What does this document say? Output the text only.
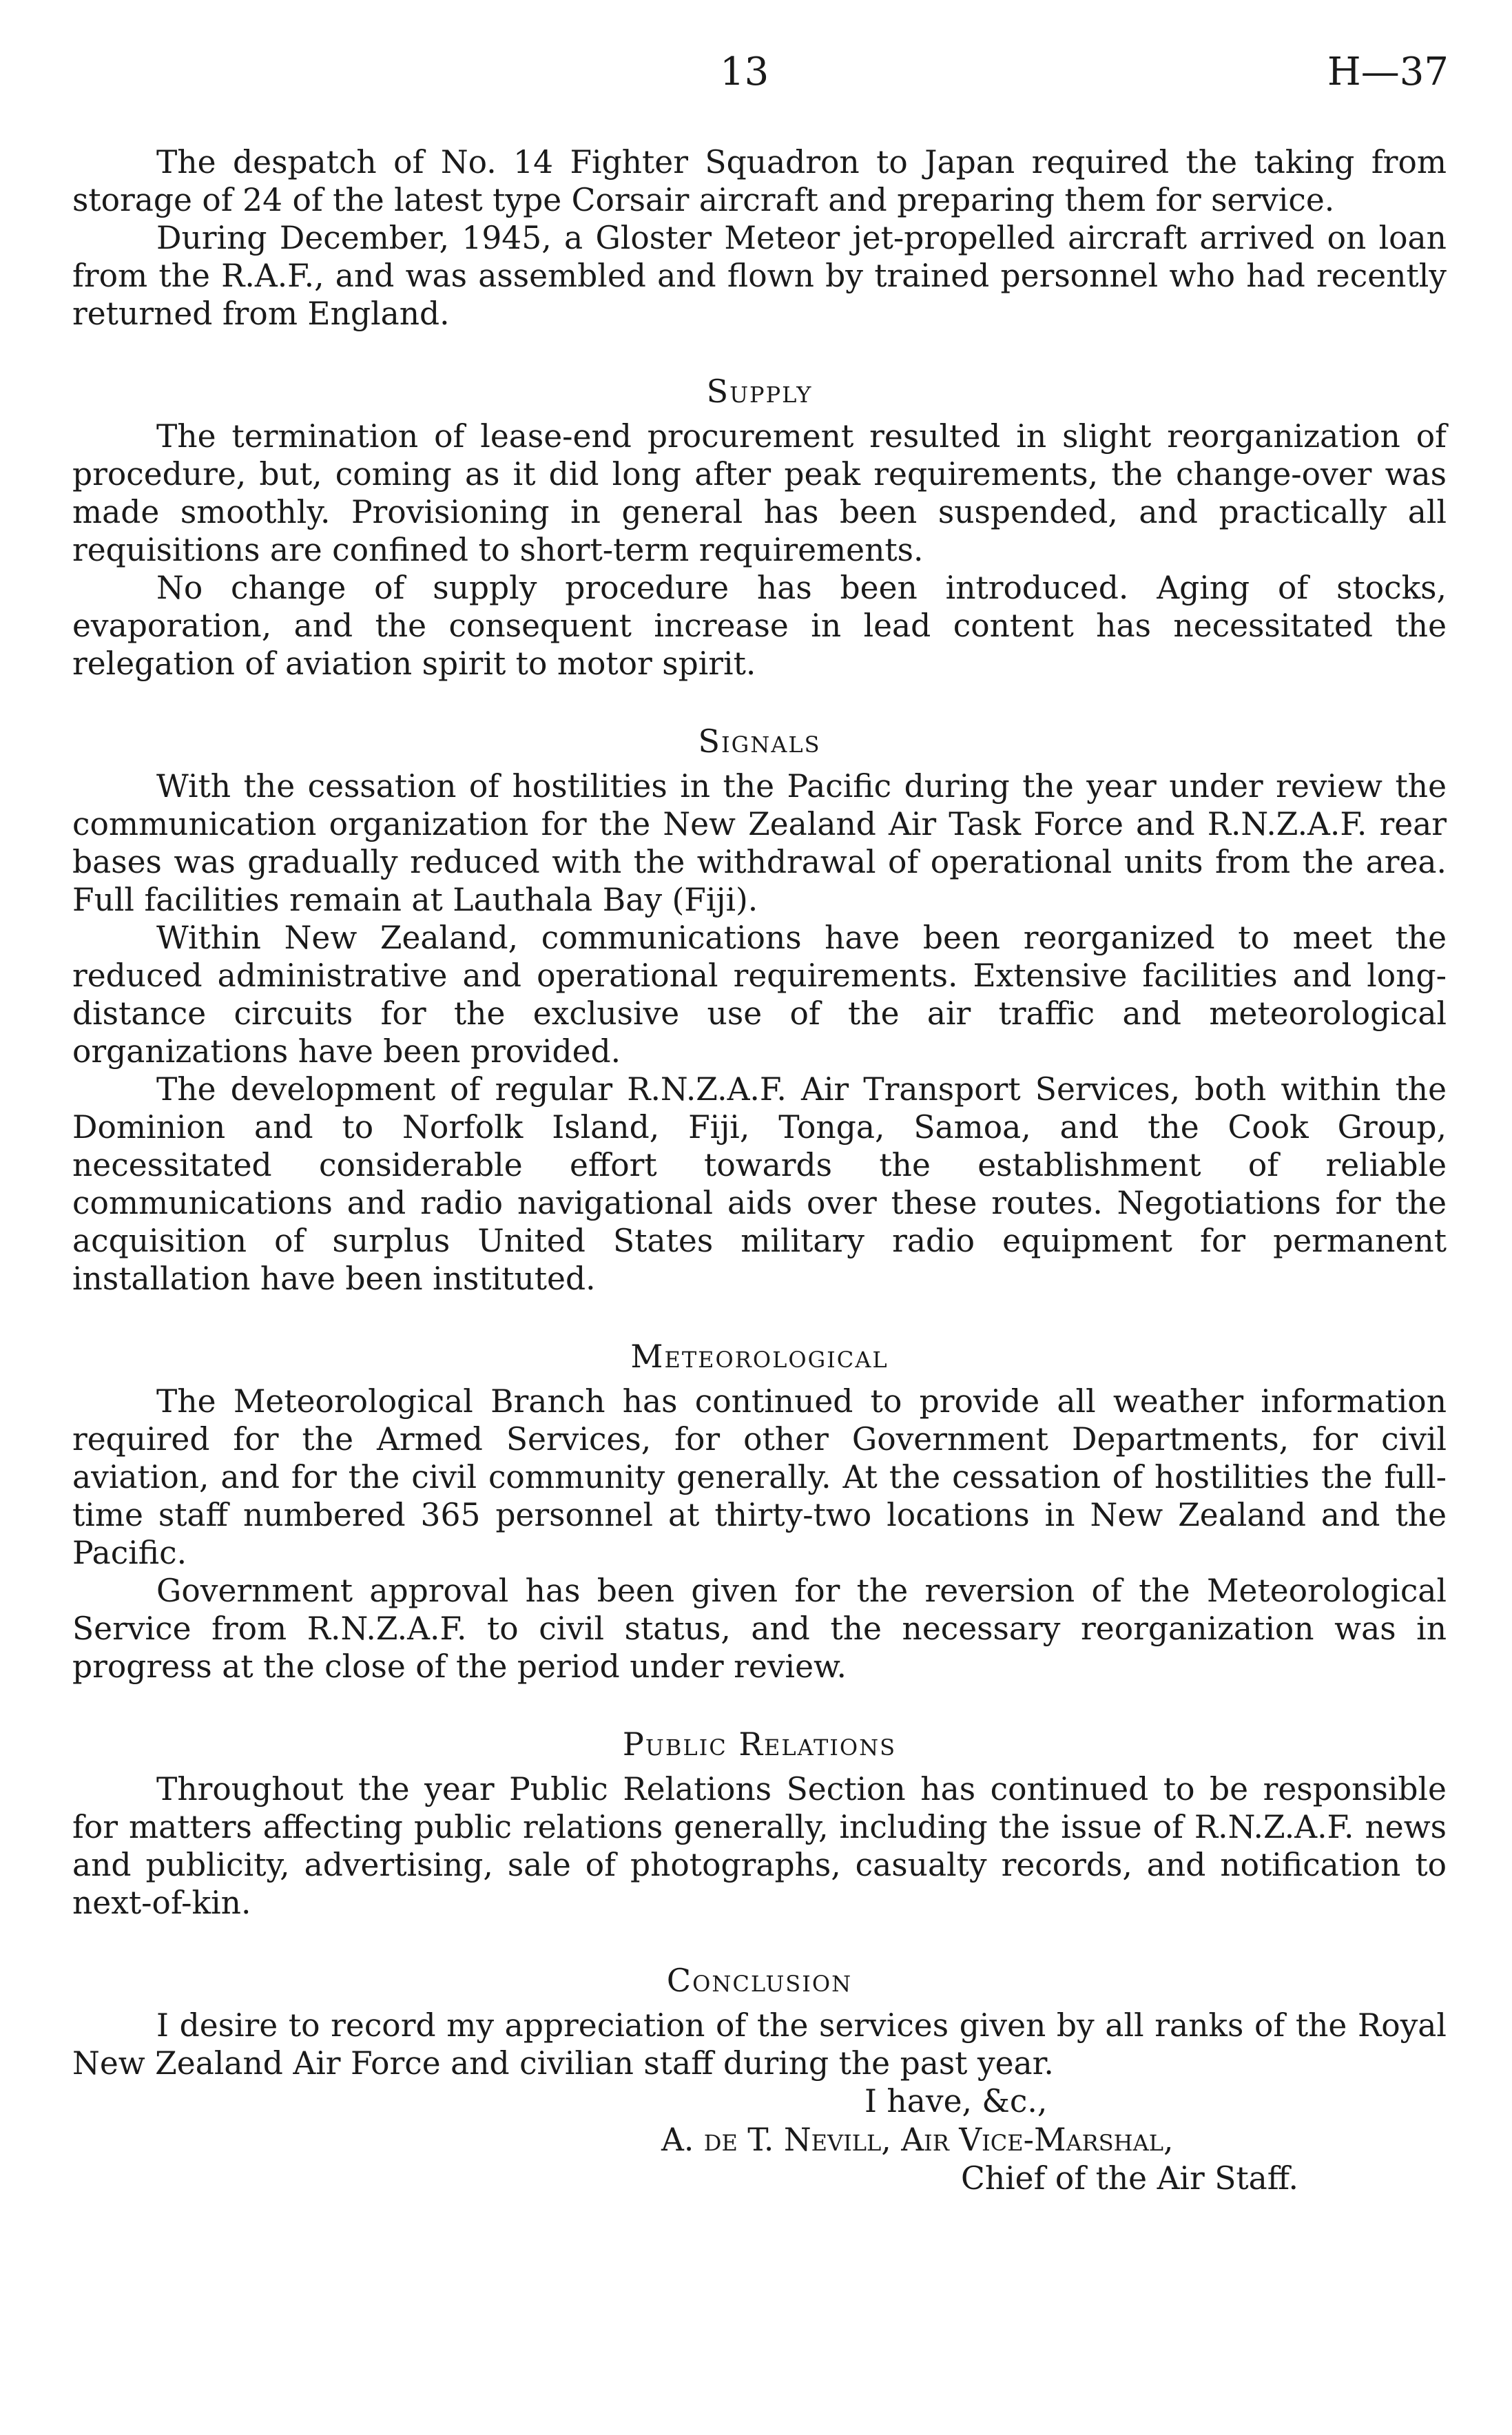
13	H—37

The despatch of No. 14 Fighter Squadron to Japan required the taking from storage of 24 of the latest type Corsair aircraft and preparing them for service.

During December, 1945, a Gloster Meteor jet-propelled aircraft arrived on loan from the R.A.F., and was assembled and flown by trained personnel who had recently returned from England.

Supply

The termination of lease-end procurement resulted in slight reorganization of procedure, but, coming as it did long after peak requirements, the change-over was made smoothly. Provisioning in general has been suspended, and practically all requisitions are confined to short-term requirements.

No change of supply procedure has been introduced. Aging of stocks, evaporation, and the consequent increase in lead content has necessitated the relegation of aviation spirit to motor spirit.

Signals

With the cessation of hostilities in the Pacific during the year under review the communication organization for the New Zealand Air Task Force and R.N.Z.A.F. rear bases was gradually reduced with the withdrawal of operational units from the area. Full facilities remain at Lauthala Bay (Fiji).

Within New Zealand, communications have been reorganized to meet the reduced administrative and operational requirements. Extensive facilities and long-distance circuits for the exclusive use of the air traffic and meteorological organizations have been provided.

The development of regular R.N.Z.A.F. Air Transport Services, both within the Dominion and to Norfolk Island, Fiji, Tonga, Samoa, and the Cook Group, necessitated considerable effort towards the establishment of reliable communications and radio navigational aids over these routes. Negotiations for the acquisition of surplus United States military radio equipment for permanent installation have been instituted.

Meteorological

The Meteorological Branch has continued to provide all weather information required for the Armed Services, for other Government Departments, for civil aviation, and for the civil community generally. At the cessation of hostilities the full-time staff numbered 365 personnel at thirty-two locations in New Zealand and the Pacific.

Government approval has been given for the reversion of the Meteorological Service from R.N.Z.A.F. to civil status, and the necessary reorganization was in progress at the close of the period under review.

Public Relations

Throughout the year Public Relations Section has continued to be responsible for matters affecting public relations generally, including the issue of R.N.Z.A.F. news and publicity, advertising, sale of photographs, casualty records, and notification to next-of-kin.

Conclusion

I desire to record my appreciation of the services given by all ranks of the Royal New Zealand Air Force and civilian staff during the past year.

I have, &c.,
A. de T. Nevill, Air Vice-Marshal,
Chief of the Air Staff.
